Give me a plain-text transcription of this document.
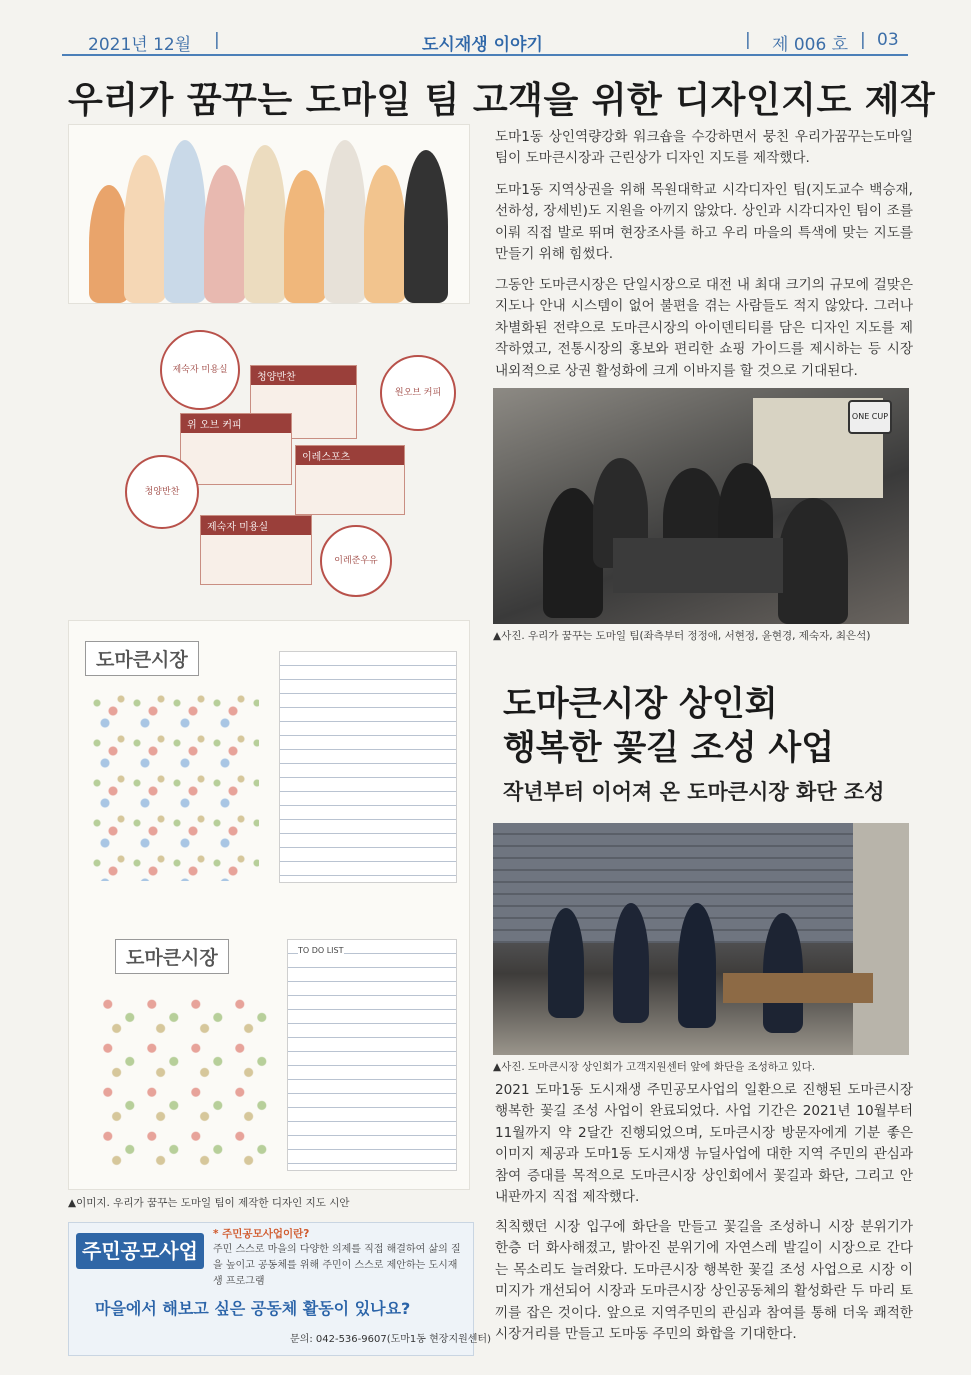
2021년 12월 |	도시재생 이야기	| 제 006 호 | 03
우리가 꿈꾸는 도마일 팀 고객을 위한 디자인지도 제작

도마1동 상인역량강화 워크숍을 수강하면서 뭉친 우리가꿈꾸는도마일팀이 도마큰시장과 근린상가 디자인 지도를 제작했다.

도마1동 지역상권을 위해 목원대학교 시각디자인 팀(지도교수 백승재, 선하성, 장세빈)도 지원을 아끼지 않았다. 상인과 시각디자인 팀이 조를 이뤄 직접 발로 뛰며 현장조사를 하고 우리 마을의 특색에 맞는 지도를 만들기 위해 힘썼다.

그동안 도마큰시장은 단일시장으로 대전 내 최대 크기의 규모에 걸맞은 지도나 안내 시스템이 없어 불편을 겪는 사람들도 적지 않았다. 그러나 차별화된 전략으로 도마큰시장의 아이덴티티를 담은 디자인 지도를 제작하였고, 전통시장의 홍보와 편리한 쇼핑 가이드를 제시하는 등 시장 내외적으로 상권 활성화에 크게 이바지를 할 것으로 기대된다.

ONE CUP
▲사진. 우리가 꿈꾸는 도마일 팀(좌측부터 정정애, 서현정, 윤현경, 제숙자, 최은석)
제숙자 미용실
청양반찬
원오브 커피
위 오브 커피
이레스포츠
청양반찬
제숙자 미용실
이레준우유
도마큰시장
도마큰시장	TO DO LIST
▲이미지. 우리가 꿈꾸는 도마일 팀이 제작한 디자인 지도 시안
도마큰시장 상인회
행복한 꽃길 조성 사업
작년부터 이어져 온 도마큰시장 화단 조성
▲사진. 도마큰시장 상인회가 고객지원센터 앞에 화단을 조성하고 있다.

2021 도마1동 도시재생 주민공모사업의 일환으로 진행된 도마큰시장 행복한 꽃길 조성 사업이 완료되었다. 사업 기간은 2021년 10월부터 11월까지 약 2달간 진행되었으며, 도마큰시장 방문자에게 기분 좋은 이미지 제공과 도마1동 도시재생 뉴딜사업에 대한 지역 주민의 관심과 참여 증대를 목적으로 도마큰시장 상인회에서 꽃길과 화단, 그리고 안내판까지 직접 제작했다.

칙칙했던 시장 입구에 화단을 만들고 꽃길을 조성하니 시장 분위기가 한층 더 화사해졌고, 밝아진 분위기에 자연스레 발길이 시장으로 간다는 목소리도 늘려왔다. 도마큰시장 행복한 꽃길 조성 사업으로 시장 이미지가 개선되어 시장과 도마큰시장 상인공동체의 활성화란 두 마리 토끼를 잡은 것이다. 앞으로 지역주민의 관심과 참여를 통해 더욱 쾌적한 시장거리를 만들고 도마동 주민의 화합을 기대한다.

주민공모사업
* 주민공모사업이란?
주민 스스로 마을의 다양한 의제를 직접 해결하여 삶의 질을 높이고 공동체를 위해 주민이 스스로 제안하는 도시재생 프로그램
마을에서 해보고 싶은 공동체 활동이 있나요?
문의: 042-536-9607(도마1동 현장지원센터)
